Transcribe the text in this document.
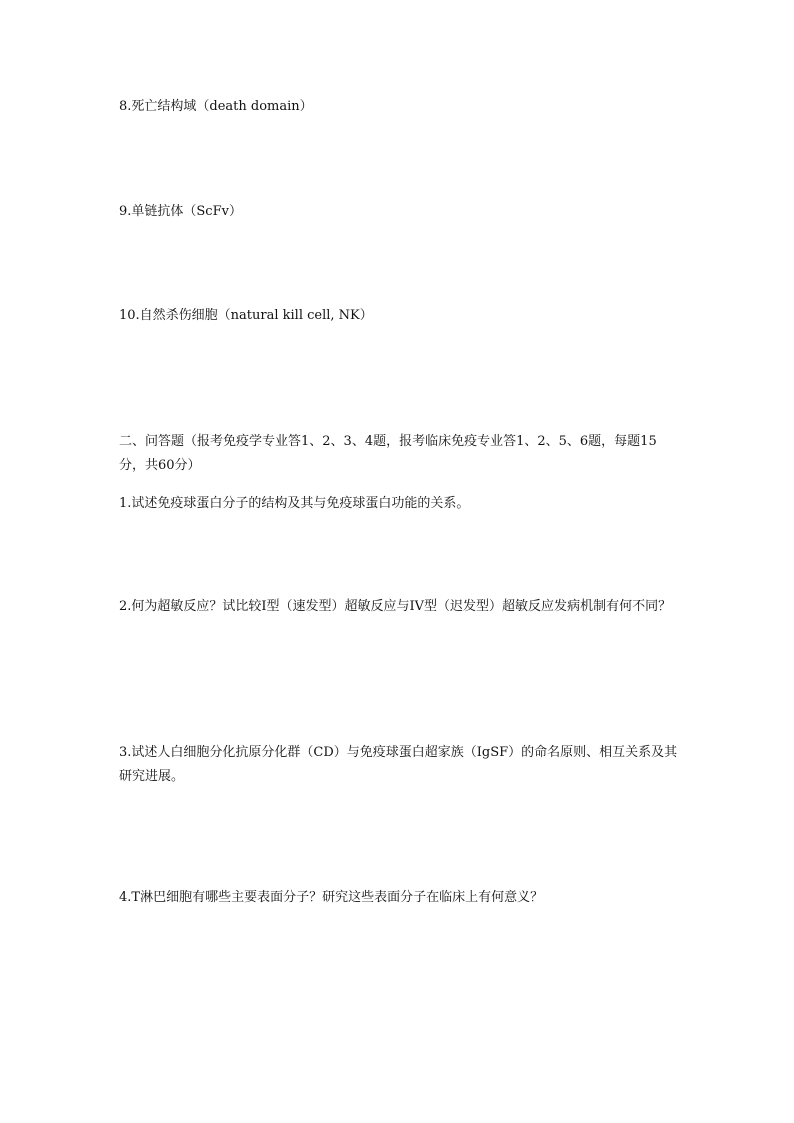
8.死亡结构域（death domain）
9.单链抗体（ScFv）
10.自然杀伤细胞（natural kill cell, NK）
二、问答题（报考免疫学专业答1、2、3、4题，报考临床免疫专业答1、2、5、6题，每题15分，共60分）
1.试述免疫球蛋白分子的结构及其与免疫球蛋白功能的关系。
2.何为超敏反应？试比较I型（速发型）超敏反应与IV型（迟发型）超敏反应发病机制有何不同？
3.试述人白细胞分化抗原分化群（CD）与免疫球蛋白超家族（IgSF）的命名原则、相互关系及其研究进展。
4.T淋巴细胞有哪些主要表面分子？研究这些表面分子在临床上有何意义？
